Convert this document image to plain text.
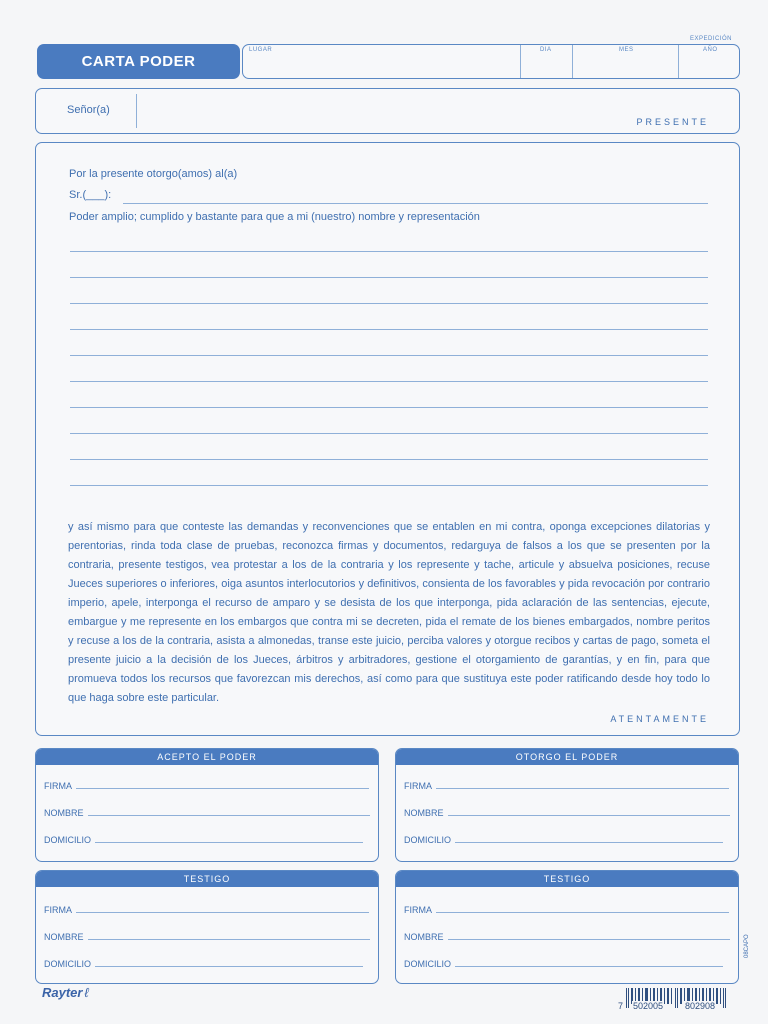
CARTA PODER
EXPEDICIÓN
LUGAR	DIA	MES	AÑO
Señor(a)
PRESENTE
Por la presente otorgo(amos) al(a)
Sr.(___):
Poder amplio; cumplido y bastante para que a mi (nuestro) nombre y representación
y así mismo para que conteste las demandas y reconvenciones que se entablen en mi contra, oponga excepciones dilatorias y perentorias, rinda toda clase de pruebas, reconozca firmas y documentos, redarguya de falsos a los que se presenten por la contraria, presente testigos, vea protestar a los de la contraria y los represente y tache, articule y absuelva posiciones, recuse Jueces superiores o inferiores, oiga asuntos interlocutorios y definitivos, consienta de los favorables y pida revocación por contrario imperio, apele, interponga el recurso de amparo y se desista de los que interponga, pida aclaración de las sentencias, ejecute, embargue y me represente en los embargos que contra mi se decreten, pida el remate de los bienes embargados, nombre peritos y recuse a los de la contraria, asista a almonedas, transe este juicio, perciba valores y otorgue recibos y cartas de pago, someta el presente juicio a la decisión de los Jueces, árbitros y arbitradores, gestione el otorgamiento de garantías, y en fin, para que promueva todos los recursos que favorezcan mis derechos, así como para que sustituya este poder ratificando desde hoy todo lo que haga sobre este particular.
ATENTAMENTE
ACEPTO EL PODER
FIRMA
NOMBRE
DOMICILIO
OTORGO EL PODER
FIRMA
NOMBRE
DOMICILIO
TESTIGO
FIRMA
NOMBRE
DOMICILIO
TESTIGO
FIRMA
NOMBRE
DOMICILIO
08CAPO
Rayter ℓ
7 502005 802908
